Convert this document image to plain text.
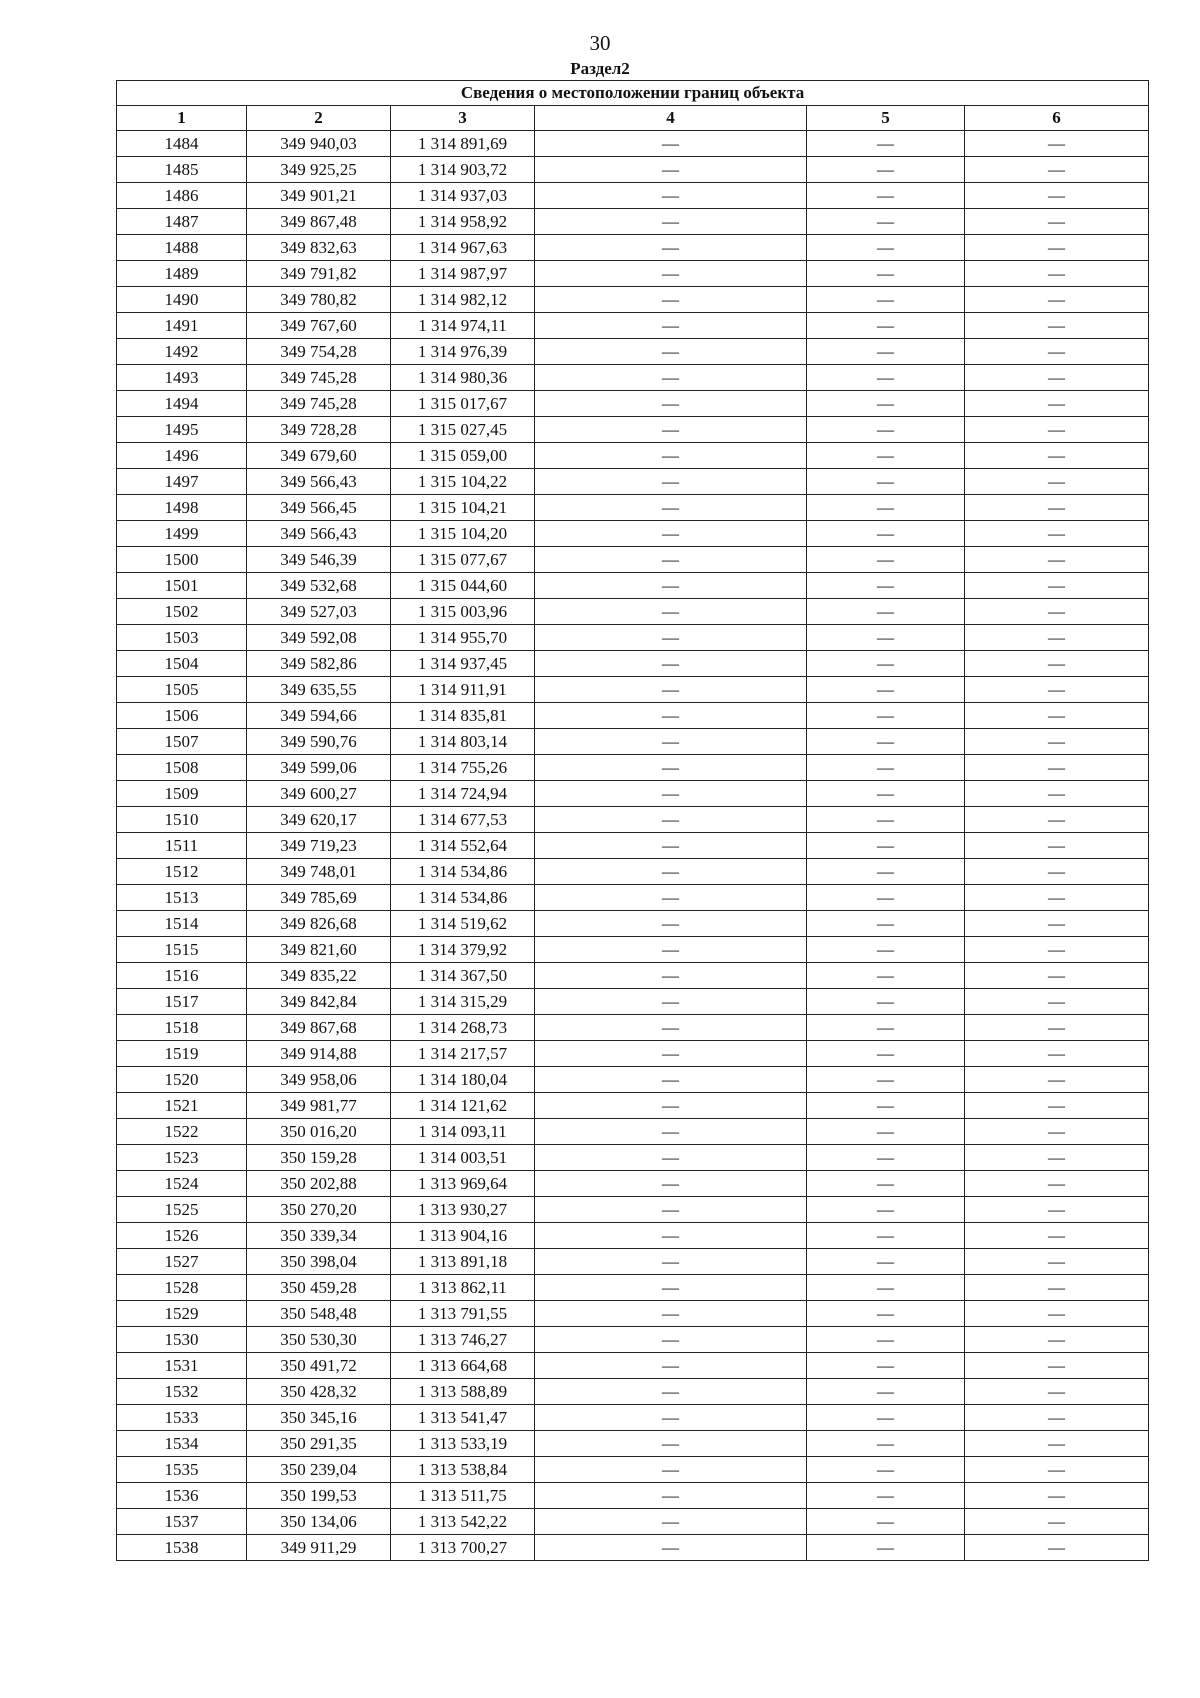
30
Раздел2
Сведения о местоположении границ объекта					
1	2	3	4	5	6
1484	349 940,03	1 314 891,69	—	—	—
1485	349 925,25	1 314 903,72	—	—	—
1486	349 901,21	1 314 937,03	—	—	—
1487	349 867,48	1 314 958,92	—	—	—
1488	349 832,63	1 314 967,63	—	—	—
1489	349 791,82	1 314 987,97	—	—	—
1490	349 780,82	1 314 982,12	—	—	—
1491	349 767,60	1 314 974,11	—	—	—
1492	349 754,28	1 314 976,39	—	—	—
1493	349 745,28	1 314 980,36	—	—	—
1494	349 745,28	1 315 017,67	—	—	—
1495	349 728,28	1 315 027,45	—	—	—
1496	349 679,60	1 315 059,00	—	—	—
1497	349 566,43	1 315 104,22	—	—	—
1498	349 566,45	1 315 104,21	—	—	—
1499	349 566,43	1 315 104,20	—	—	—
1500	349 546,39	1 315 077,67	—	—	—
1501	349 532,68	1 315 044,60	—	—	—
1502	349 527,03	1 315 003,96	—	—	—
1503	349 592,08	1 314 955,70	—	—	—
1504	349 582,86	1 314 937,45	—	—	—
1505	349 635,55	1 314 911,91	—	—	—
1506	349 594,66	1 314 835,81	—	—	—
1507	349 590,76	1 314 803,14	—	—	—
1508	349 599,06	1 314 755,26	—	—	—
1509	349 600,27	1 314 724,94	—	—	—
1510	349 620,17	1 314 677,53	—	—	—
1511	349 719,23	1 314 552,64	—	—	—
1512	349 748,01	1 314 534,86	—	—	—
1513	349 785,69	1 314 534,86	—	—	—
1514	349 826,68	1 314 519,62	—	—	—
1515	349 821,60	1 314 379,92	—	—	—
1516	349 835,22	1 314 367,50	—	—	—
1517	349 842,84	1 314 315,29	—	—	—
1518	349 867,68	1 314 268,73	—	—	—
1519	349 914,88	1 314 217,57	—	—	—
1520	349 958,06	1 314 180,04	—	—	—
1521	349 981,77	1 314 121,62	—	—	—
1522	350 016,20	1 314 093,11	—	—	—
1523	350 159,28	1 314 003,51	—	—	—
1524	350 202,88	1 313 969,64	—	—	—
1525	350 270,20	1 313 930,27	—	—	—
1526	350 339,34	1 313 904,16	—	—	—
1527	350 398,04	1 313 891,18	—	—	—
1528	350 459,28	1 313 862,11	—	—	—
1529	350 548,48	1 313 791,55	—	—	—
1530	350 530,30	1 313 746,27	—	—	—
1531	350 491,72	1 313 664,68	—	—	—
1532	350 428,32	1 313 588,89	—	—	—
1533	350 345,16	1 313 541,47	—	—	—
1534	350 291,35	1 313 533,19	—	—	—
1535	350 239,04	1 313 538,84	—	—	—
1536	350 199,53	1 313 511,75	—	—	—
1537	350 134,06	1 313 542,22	—	—	—
1538	349 911,29	1 313 700,27	—	—	—
